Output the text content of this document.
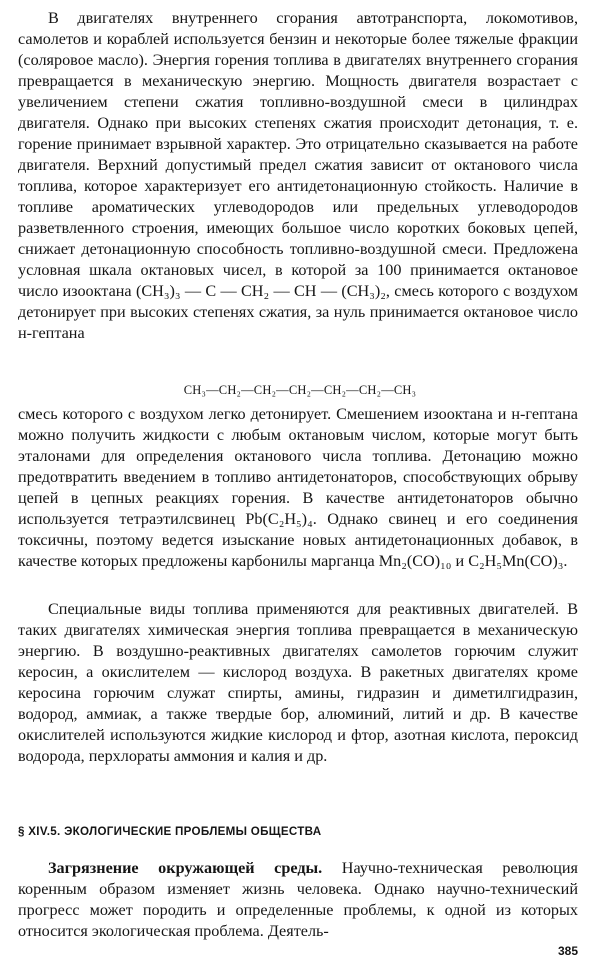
В двигателях внутреннего сгорания автотранспорта, локомотивов, самолетов и кораблей используется бензин и некоторые более тяжелые фракции (соляровое масло). Энергия горения топлива в двигателях внутреннего сгорания превращается в механическую энергию. Мощность двигателя возрастает с увеличением степени сжатия топливно-воздушной смеси в цилиндрах двигателя. Однако при высоких степенях сжатия происходит детонация, т. е. горение принимает взрывной характер. Это отрицательно сказывается на работе двигателя. Верхний допустимый предел сжатия зависит от октанового числа топлива, которое характеризует его антидетонационную стойкость. Наличие в топливе ароматических углеводородов или предельных углеводородов разветвленного строения, имеющих большое число коротких боковых цепей, снижает детонационную способность топливно-воздушной смеси. Предложена условная шкала октановых чисел, в которой за 100 принимается октановое число изооктана (CH₃)₃ — C — CH₂ — CH — (CH₃)₂, смесь которого с воздухом детонирует при высоких степенях сжатия, за нуль принимается октановое число н-гептана

CH₃—CH₂—CH₂—CH₂—CH₂—CH₂—CH₃

смесь которого с воздухом легко детонирует. Смешением изооктана и н-гептана можно получить жидкости с любым октановым числом, которые могут быть эталонами для определения октанового числа топлива. Детонацию можно предотвратить введением в топливо антидетонаторов, способствующих обрыву цепей в цепных реакциях горения. В качестве антидетонаторов обычно используется тетраэтилсвинец Pb(C₂H₅)₄. Однако свинец и его соединения токсичны, поэтому ведется изыскание новых антидетонационных добавок, в качестве которых предложены карбонилы марганца Mn₂(CO)₁₀ и C₂H₅Mn(CO)₃.

Специальные виды топлива применяются для реактивных двигателей. В таких двигателях химическая энергия топлива превращается в механическую энергию. В воздушно-реактивных двигателях самолетов горючим служит керосин, а окислителем — кислород воздуха. В ракетных двигателях кроме керосина горючим служат спирты, амины, гидразин и диметилгидразин, водород, аммиак, а также твердые бор, алюминий, литий и др. В качестве окислителей используются жидкие кислород и фтор, азотная кислота, пероксид водорода, перхлораты аммония и калия и др.

§ XIV.5. ЭКОЛОГИЧЕСКИЕ ПРОБЛЕМЫ ОБЩЕСТВА

Загрязнение окружающей среды. Научно-техническая революция коренным образом изменяет жизнь человека. Однако научно-технический прогресс может породить и определенные проблемы, к одной из которых относится экологическая проблема. Деятель-

385
